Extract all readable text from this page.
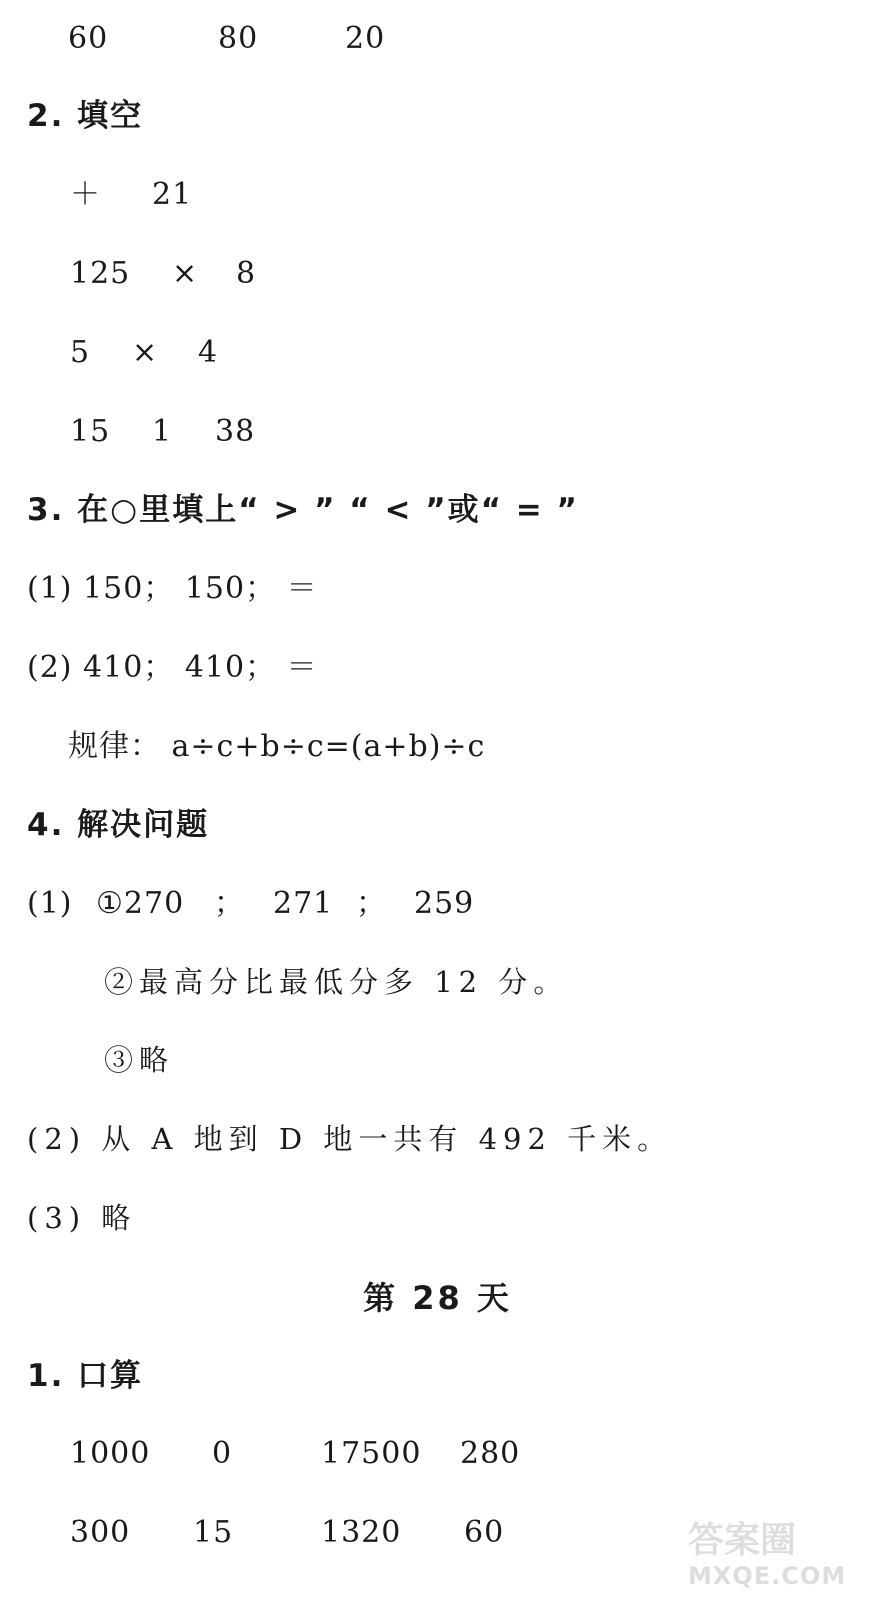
60	80	20
2. 填空
＋ 21
125 × 8
5 × 4
15 1 38
3. 在○里填上“ > ” “ < ”或“ = ”
(1) 150； 150； ＝
(2) 410； 410； ＝
规律： a÷c+b÷c=(a+b)÷c
4. 解决问题
(1) ①270 ； 271 ； 259
②最高分比最低分多 12 分。
③略
(2) 从 A 地到 D 地一共有 492 千米。
(3) 略
第 28 天
1. 口算
1000 0	17500 280
300 15	1320 60	答案圈
MXQE.COM
